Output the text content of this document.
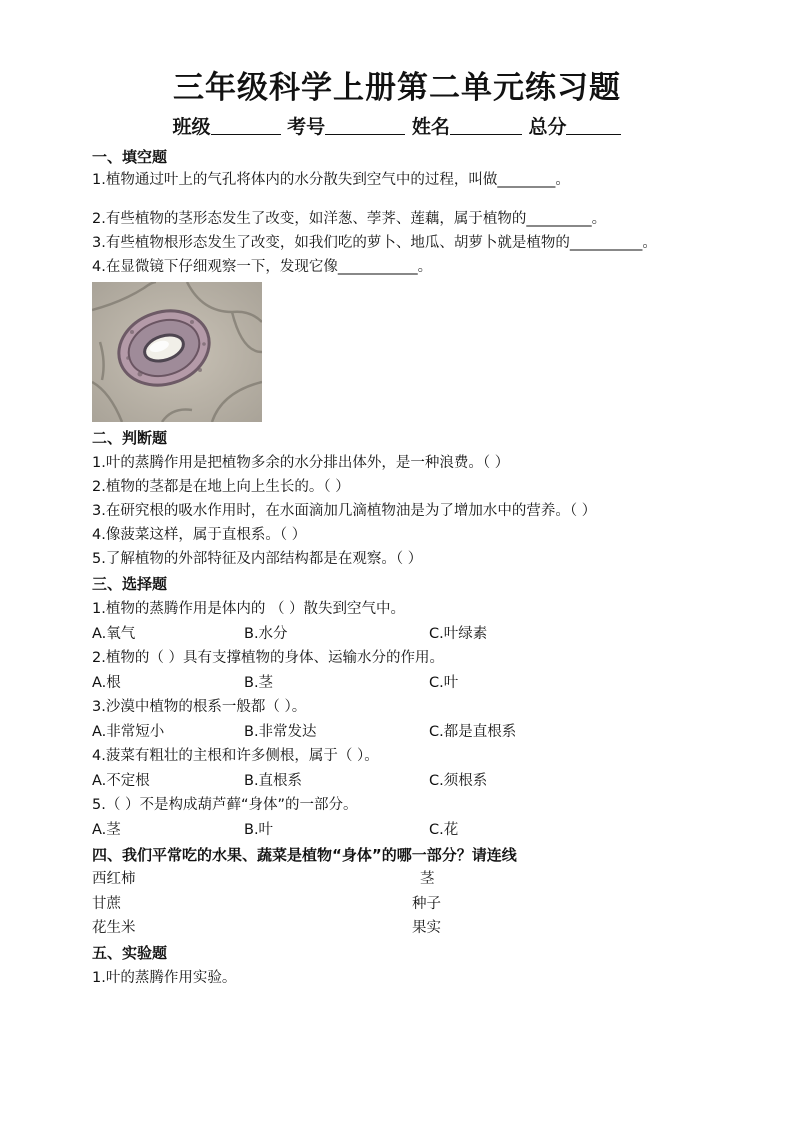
三年级科学上册第二单元练习题
班级	考号	姓名	总分
一、填空题
1.植物通过叶上的气孔将体内的水分散失到空气中的过程，叫做________。
2.有些植物的茎形态发生了改变，如洋葱、荸荠、莲藕，属于植物的_________。
3.有些植物根形态发生了改变，如我们吃的萝卜、地瓜、胡萝卜就是植物的__________。
4.在显微镜下仔细观察一下，发现它像___________。
二、判断题
1.叶的蒸腾作用是把植物多余的水分排出体外，是一种浪费。（ ）
2.植物的茎都是在地上向上生长的。（ ）
3.在研究根的吸水作用时，在水面滴加几滴植物油是为了增加水中的营养。（ ）
4.像菠菜这样，属于直根系。（ ）
5.了解植物的外部特征及内部结构都是在观察。（ ）
三、选择题
1.植物的蒸腾作用是体内的 （ ）散失到空气中。
A.氧气	B.水分	C.叶绿素
2.植物的（ ）具有支撑植物的身体、运输水分的作用。
A.根	B.茎	C.叶
3.沙漠中植物的根系一般都（ ）。
A.非常短小	B.非常发达	C.都是直根系
4.菠菜有粗壮的主根和许多侧根，属于（ ）。
A.不定根	B.直根系	C.须根系
5.（ ）不是构成葫芦藓“身体”的一部分。
A.茎	B.叶	C.花
四、我们平常吃的水果、蔬菜是植物“身体”的哪一部分？请连线
西红柿	茎
甘蔗	种子
花生米	果实
五、实验题
1.叶的蒸腾作用实验。
